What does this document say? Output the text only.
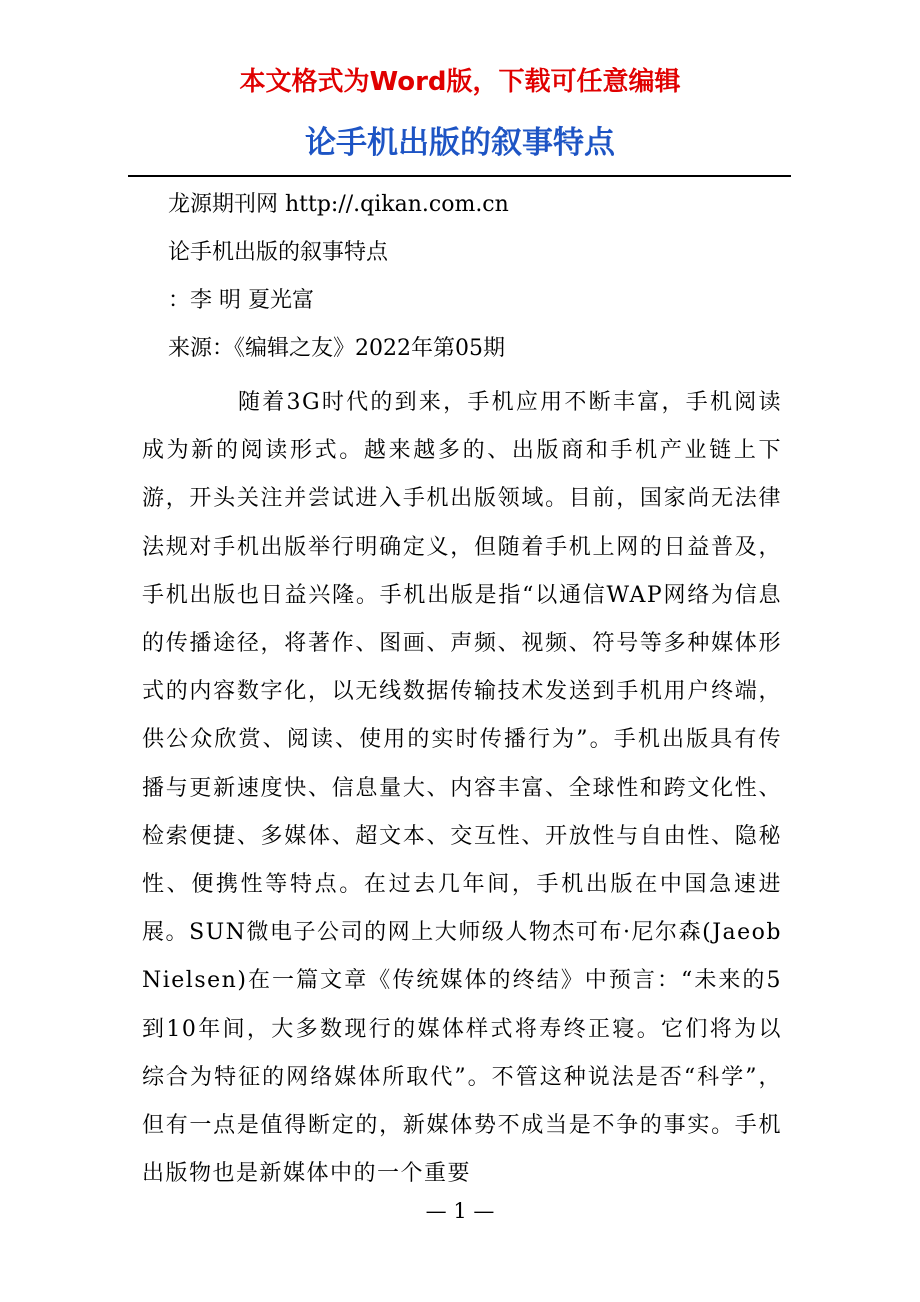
本文格式为Word版，下载可任意编辑

论手机出版的叙事特点

龙源期刊网 http://.qikan.com.cn

论手机出版的叙事特点

：李 明 夏光富

来源：《编辑之友》2022年第05期

随着3G时代的到来，手机应用不断丰富，手机阅读成为新的阅读形式。越来越多的、出版商和手机产业链上下游，开头关注并尝试进入手机出版领域。目前，国家尚无法律法规对手机出版举行明确定义，但随着手机上网的日益普及，手机出版也日益兴隆。手机出版是指“以通信WAP网络为信息的传播途径，将著作、图画、声频、视频、符号等多种媒体形式的内容数字化，以无线数据传输技术发送到手机用户终端，供公众欣赏、阅读、使用的实时传播行为”。手机出版具有传播与更新速度快、信息量大、内容丰富、全球性和跨文化性、检索便捷、多媒体、超文本、交互性、开放性与自由性、隐秘性、便携性等特点。在过去几年间，手机出版在中国急速进展。SUN微电子公司的网上大师级人物杰可布·尼尔森(Jaeob Nielsen)在一篇文章《传统媒体的终结》中预言：“未来的5到10年间，大多数现行的媒体样式将寿终正寝。它们将为以综合为特征的网络媒体所取代”。不管这种说法是否“科学”，但有一点是值得断定的，新媒体势不成当是不争的事实。手机出版物也是新媒体中的一个重要

— 1 —
